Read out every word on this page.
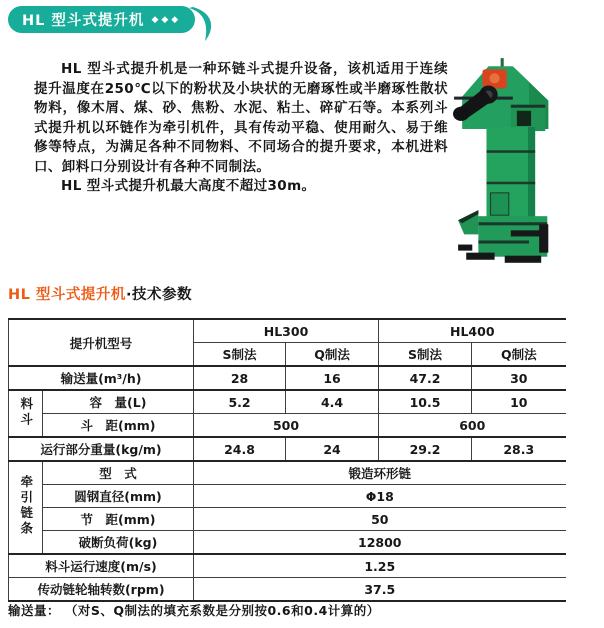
HL 型斗式提升机 ◆◆◆

HL 型斗式提升机是一种环链斗式提升设备，该机适用于连续提升温度在250℃以下的粉状及小块状的无磨琢性或半磨琢性散状物料，像木屑、煤、砂、焦粉、水泥、粘土、碎矿石等。本系列斗式提升机以环链作为牵引机件，具有传动平稳、使用耐久、易于维修等特点，为满足各种不同物料、不同场合的提升要求，本机进料口、卸料口分别设计有各种不同制法。

HL 型斗式提升机最大高度不超过30m。

HL 型斗式提升机·技术参数
提升机型号		HL300		HL400	
		S制法	Q制法	S制法	Q制法
输送量(m³/h)		28	16	47.2	30
料斗	容　量(L)	5.2	4.4	10.5	10
	斗　距(mm)	500		600	
运行部分重量(kg/m)		24.8	24	29.2	28.3
牵引链条	型　式	锻造环形链			
	圆钢直径(mm)	Φ18			
	节　距(mm)	50			
	破断负荷(kg)	12800			
料斗运行速度(m/s)		1.25			
传动链轮轴转数(rpm)		37.5			
输送量： （对S、Q制法的填充系数是分别按0.6和0.4计算的）
